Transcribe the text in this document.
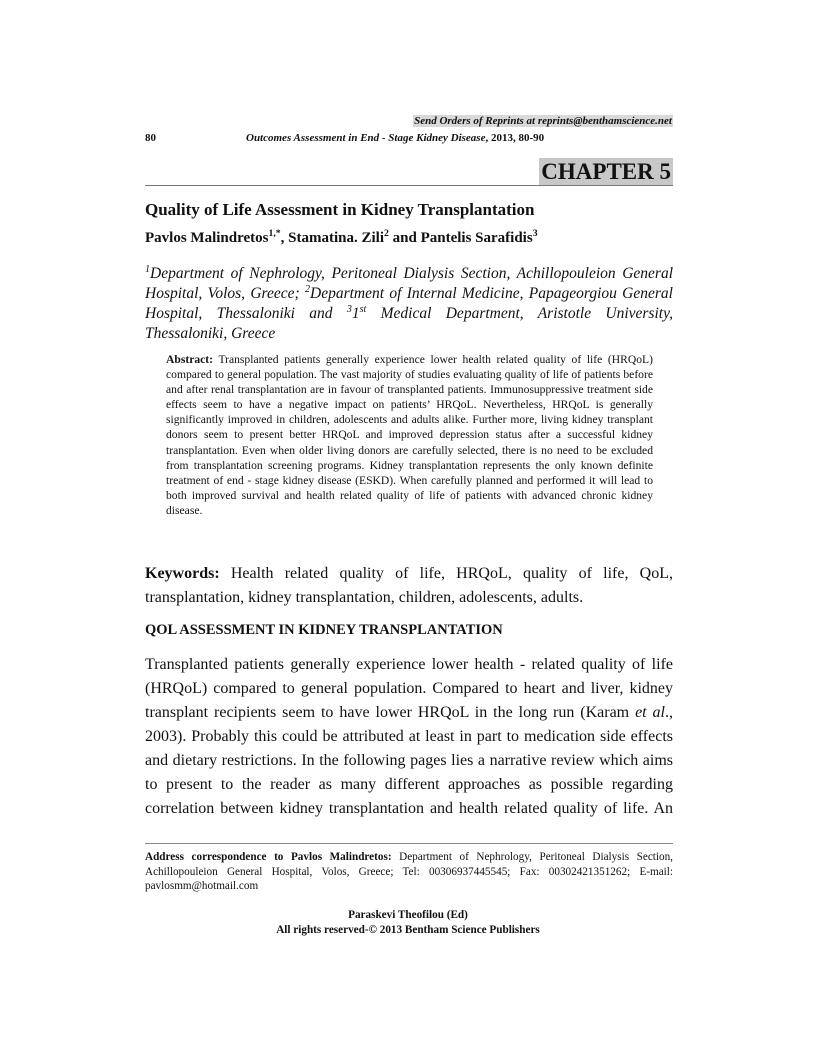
Send Orders of Reprints at reprints@benthamscience.net
80	Outcomes Assessment in End - Stage Kidney Disease, 2013, 80-90
CHAPTER 5
Quality of Life Assessment in Kidney Transplantation
Pavlos Malindretos$^{1,*}$, Stamatina. Zili$^2$ and Pantelis Sarafidis$^3$
$^1$Department of Nephrology, Peritoneal Dialysis Section, Achillopouleion General Hospital, Volos, Greece; $^2$Department of Internal Medicine, Papageorgiou General Hospital, Thessaloniki and $^3$1st Medical Department, Aristotle University, Thessaloniki, Greece
Abstract: Transplanted patients generally experience lower health related quality of life (HRQoL) compared to general population. The vast majority of studies evaluating quality of life of patients before and after renal transplantation are in favour of transplanted patients. Immunosuppressive treatment side effects seem to have a negative impact on patients’ HRQoL. Nevertheless, HRQoL is generally significantly improved in children, adolescents and adults alike. Further more, living kidney transplant donors seem to present better HRQoL and improved depression status after a successful kidney transplantation. Even when older living donors are carefully selected, there is no need to be excluded from transplantation screening programs. Kidney transplantation represents the only known definite treatment of end - stage kidney disease (ESKD). When carefully planned and performed it will lead to both improved survival and health related quality of life of patients with advanced chronic kidney disease.
Keywords: Health related quality of life, HRQoL, quality of life, QoL, transplantation, kidney transplantation, children, adolescents, adults.
QOL ASSESSMENT IN KIDNEY TRANSPLANTATION
Transplanted patients generally experience lower health - related quality of life (HRQoL) compared to general population. Compared to heart and liver, kidney transplant recipients seem to have lower HRQoL in the long run (Karam et al., 2003). Probably this could be attributed at least in part to medication side effects and dietary restrictions. In the following pages lies a narrative review which aims to present to the reader as many different approaches as possible regarding correlation between kidney transplantation and health related quality of life. An
Address correspondence to Pavlos Malindretos: Department of Nephrology, Peritoneal Dialysis Section, Achillopouleion General Hospital, Volos, Greece; Tel: 00306937445545; Fax: 00302421351262; E-mail: pavlosmm@hotmail.com
Paraskevi Theofilou (Ed)
All rights reserved-© 2013 Bentham Science Publishers
